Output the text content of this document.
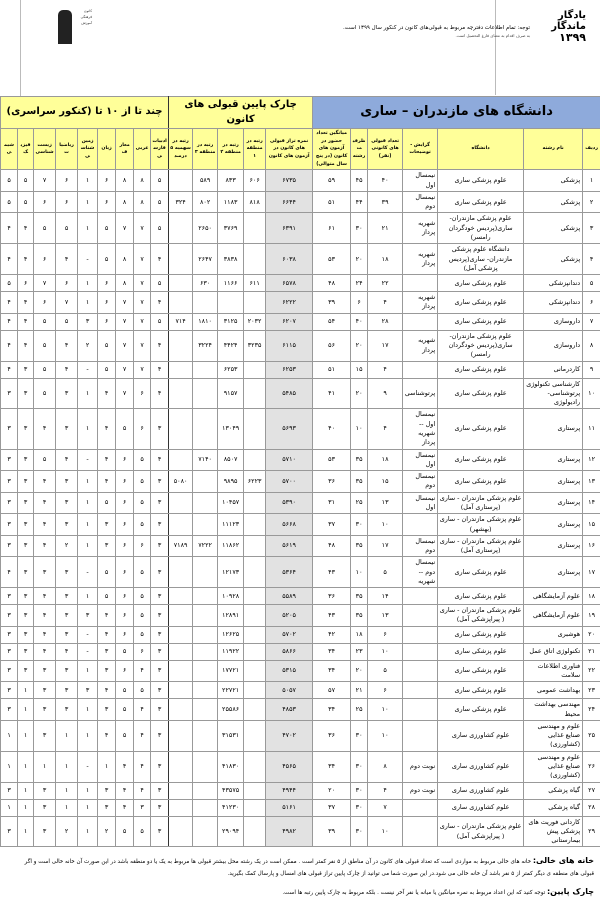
کانون فرهنگی آموزش
توجه: تمام اطلاعات دفترچه مربوط به قبولی‌های کانون در کنکور سال ۱۳۹۹ است.
به صرف اقدام به معنای فارغ التحصیل است.
یادگار
ماندگار
۱۳۹۹
دانشگاه های مازندران – ساری							چارک پایین قبولی های کانون					چند تا از ۱۰ تا (کنکور سراسری)								
ردیف	نام رشته	دانشگاه	گرایش - توضیحات	تعداد قبولی های کانونی (نفر)	ظرفیت رشته	میانگین تعداد حضور در آزمون های کانون (در پنج سال متوالی)	نمره تراز قبولی های کانون در آزمون های کانون	رتبه در منطقه ۱	رتبه در منطقه ۲	رتبه در منطقه ۳	رتبه در سهمیه ۵ درصد	ادبیات فارسی	عربی	معارف	زبان	زمین شناسی	ریاضیات	زیست شناسی	فیزیک	شیمی
۱	پزشکی	علوم پزشکی ساری	نیمسال اول	۴۰	۴۵	۵۹	۶۷۳۵	۶۰۶	۸۳۳	۵۸۹		۵	۸	۸	۶	۱	۶	۷	۵	۵
۲	پزشکی	علوم پزشکی ساری	نیمسال دوم	۳۹	۴۴	۵۱	۶۶۴۴	۸۱۸	۱۱۸۳	۸۰۲	۳۲۴	۵	۸	۸	۶	۱	۶	۶	۵	۵
۳	پزشکی	علوم پزشکی مازندران- ساری(پردیس خودگردان رامسر)	شهریه پرداز	۲۱	۳۰	۶۱	۶۳۹۱		۳۷۶۹	۲۶۵۰		۵	۷	۷	۵	۱	۵	۵	۴	۴
۴	پزشکی	دانشگاه علوم پزشکی مازندران- ساری(پردیس پزشکی آمل)	شهریه پرداز	۱۸	۲۰	۵۳	۶۰۳۸		۳۸۳۸	۲۶۴۷		۴	۷	۸	۵	-	۴	۶	۴	۴
۵	دندانپزشکی	علوم پزشکی ساری		۲۲	۲۴	۴۸	۶۵۷۸	۶۱۱	۱۱۶۶	۶۳۰		۵	۷	۸	۶	۱	۶	۷	۶	۵
۶	دندانپزشکی	علوم پزشکی ساری	شهریه پرداز	۴	۶	۳۹	۶۲۲۲					۴	۷	۷	۶	۱	۷	۶	۴	۴
۷	داروسازی	علوم پزشکی ساری		۲۸	۴۰	۵۴	۶۲۰۷	۲۰۳۲	۳۱۲۵	۱۸۱۰	۷۱۴	۵	۷	۷	۶	۳	۵	۵	۴	۴
۸	داروسازی	علوم پزشکی مازندران- ساری(پردیس خودگردان رامسر)	شهریه پرداز	۱۷	۲۰	۵۶	۶۱۱۵	۳۲۳۵	۴۴۲۴	۳۲۲۴		۴	۷	۷	۵	۲	۴	۵	۴	۴
۹	کاردرمانی	علوم پزشکی ساری		۴	۱۵	۵۱	۶۲۵۳		۶۲۵۳			۴	۷	۷	۵	-	۴	۵	۳	۴
۱۰	کارشناسی تکنولوژی پرتوشناسی- رادیولوژی	علوم پزشکی ساری	پرتوشناسی	۹	۲۰	۴۱	۵۴۸۵		۹۱۵۷			۴	۶	۷	۴	۱	۳	۵	۳	۳
۱۱	پرستاری	علوم پزشکی ساری	نیمسال اول -- شهریه پرداز	۴	۱۰	۴۰	۵۶۹۳		۱۳۰۴۹			۳	۶	۵	۴	۱	۳	۴	۳	۳
۱۲	پرستاری	علوم پزشکی ساری	نیمسال اول	۱۸	۳۵	۵۳	۵۷۱۰		۸۵۰۷	۷۱۴۰		۴	۵	۶	۴	-	۴	۵	۳	۳
۱۳	پرستاری	علوم پزشکی ساری	نیمسال دوم	۱۵	۳۵	۳۶	۵۷۰۰	۶۲۲۳	۹۸۹۵		۵۰۸۰	۳	۵	۶	۴	۱	۳	۴	۳	۳
۱۴	پرستاری	علوم پزشکی مازندران - ساری (پرستاری آمل)	نیمسال اول	۱۳	۲۵	۳۱	۵۳۹۰		۱۰۴۵۷			۳	۵	۶	۵	۱	۳	۴	۳	۳
۱۵	پرستاری	علوم پزشکی مازندران - ساری (بهشهر)		۱۰	۳۰	۳۷	۵۶۶۸		۱۱۱۲۳			۳	۵	۶	۳	۱	۳	۴	۳	۳
۱۶	پرستاری	علوم پزشکی مازندران - ساری (پرستاری آمل)	نیمسال دوم	۱۷	۳۵	۴۸	۵۶۱۹		۱۱۸۶۲	۷۲۲۲	۷۱۸۹	۳	۶	۶	۳	۱	۲	۴	۳	۳
۱۷	پرستاری	علوم پزشکی ساری	نیمسال دوم --شهریه	۵	۱۰	۴۳	۵۳۶۴		۱۲۱۷۳			۳	۵	۶	۵	-	۳	۳	۳	۴
۱۸	علوم آزمایشگاهی	علوم پزشکی ساری		۱۴	۳۵	۳۶	۵۵۸۹		۱۰۹۲۸			۳	۵	۶	۵	۱	۳	۴	۳	۳
۱۹	علوم آزمایشگاهی	علوم پزشکی مازندران - ساری ( پیراپزشکی آمل)		۱۳	۳۵	۴۳	۵۲۰۵		۱۲۸۹۱			۳	۵	۶	۴	۳	۳	۴	۳	۳
۲۰	هوشبری	علوم پزشکی ساری		۶	۱۸	۴۲	۵۷۰۲		۱۲۶۲۵			۳	۵	۶	۴	-	۳	۴	۳	۳
۲۱	تکنولوژی اتاق عمل	علوم پزشکی ساری		۱۰	۲۳	۳۴	۵۸۶۶		۱۱۹۲۲			۳	۶	۵	۳	-	۴	۴	۳	۳
۲۲	فناوری اطلاعات سلامت	علوم پزشکی ساری		۵	۲۰	۳۴	۵۳۱۵		۱۷۷۲۱			۳	۴	۶	۳	۱	۳	۳	۳	۳
۲۳	بهداشت عمومی	علوم پزشکی ساری		۶	۲۱	۵۷	۵۰۵۷		۲۲۷۲۱			۳	۵	۵	۴	۳	۳	۳	۱	۳
۲۴	مهندسی بهداشت محیط	علوم پزشکی ساری		۱۰	۲۵	۳۴	۴۸۵۳		۲۵۵۸۶			۳	۴	۵	۳	۱	۳	۳	۱	۳
۲۵	علوم و مهندسی صنایع غذایی (کشاورزی)	علوم کشاورزی ساری		۱۰	۳۰	۳۶	۴۷۰۲		۳۱۵۳۱			۳	۴	۵	۴	۱	۱	۳	۱	۱
۲۶	علوم و مهندسی صنایع غذایی (کشاورزی)	علوم کشاورزی ساری	نوبت دوم	۸	۳۰	۳۴	۴۵۶۵		۴۱۸۳۰			۳	۴	۴	۱	-	۱	۱	۱	۱
۲۷	گیاه پزشکی	علوم کشاورزی ساری	نوبت دوم	۴	۳۰	۲۰	۴۹۴۴		۴۳۵۷۵			۳	۴	۴	۳	۱	۱	۳	۱	۳
۲۸	گیاه پزشکی	علوم کشاورزی ساری		۷	۳۰	۳۷	۵۱۶۱		۴۱۲۳۰			۳	۳	۴	۳	۱	۱	۳	۱	۱
۲۹	کاردانی فوریت های پزشکی پیش بیمارستانی	علوم پزشکی مازندران - ساری ( پیراپزشکی آمل)		۱۰	۳۰	۳۹	۴۹۸۲		۲۹۰۹۴			۳	۵	۵	۲	۱	۲	۳	۱	۳
خانه های خالی: خانه های خالی مربوط به مواردی است که تعداد قبولی های کانون در آن مناطق از ۵ نفر کمتر است . ممکن است در یک رشته محل بیشتر قبولی ها مربوط به یک یا دو منطقه باشد در این صورت آن خانه خالی است و اگر قبولی های منطقه ی دیگر کمتر از ۵ نفر باشد آن خانه خالی می شود.در این صورت شما می توانید از چارک پایین تراز قبولی های امسال و پارسال کمک بگیرید.
چارک پایین: توجه کنید که این اعداد مربوط به نمره میانگین یا میانه یا نفر آخر نیست . بلکه مربوط به چارک پایین رتبه ها است.
